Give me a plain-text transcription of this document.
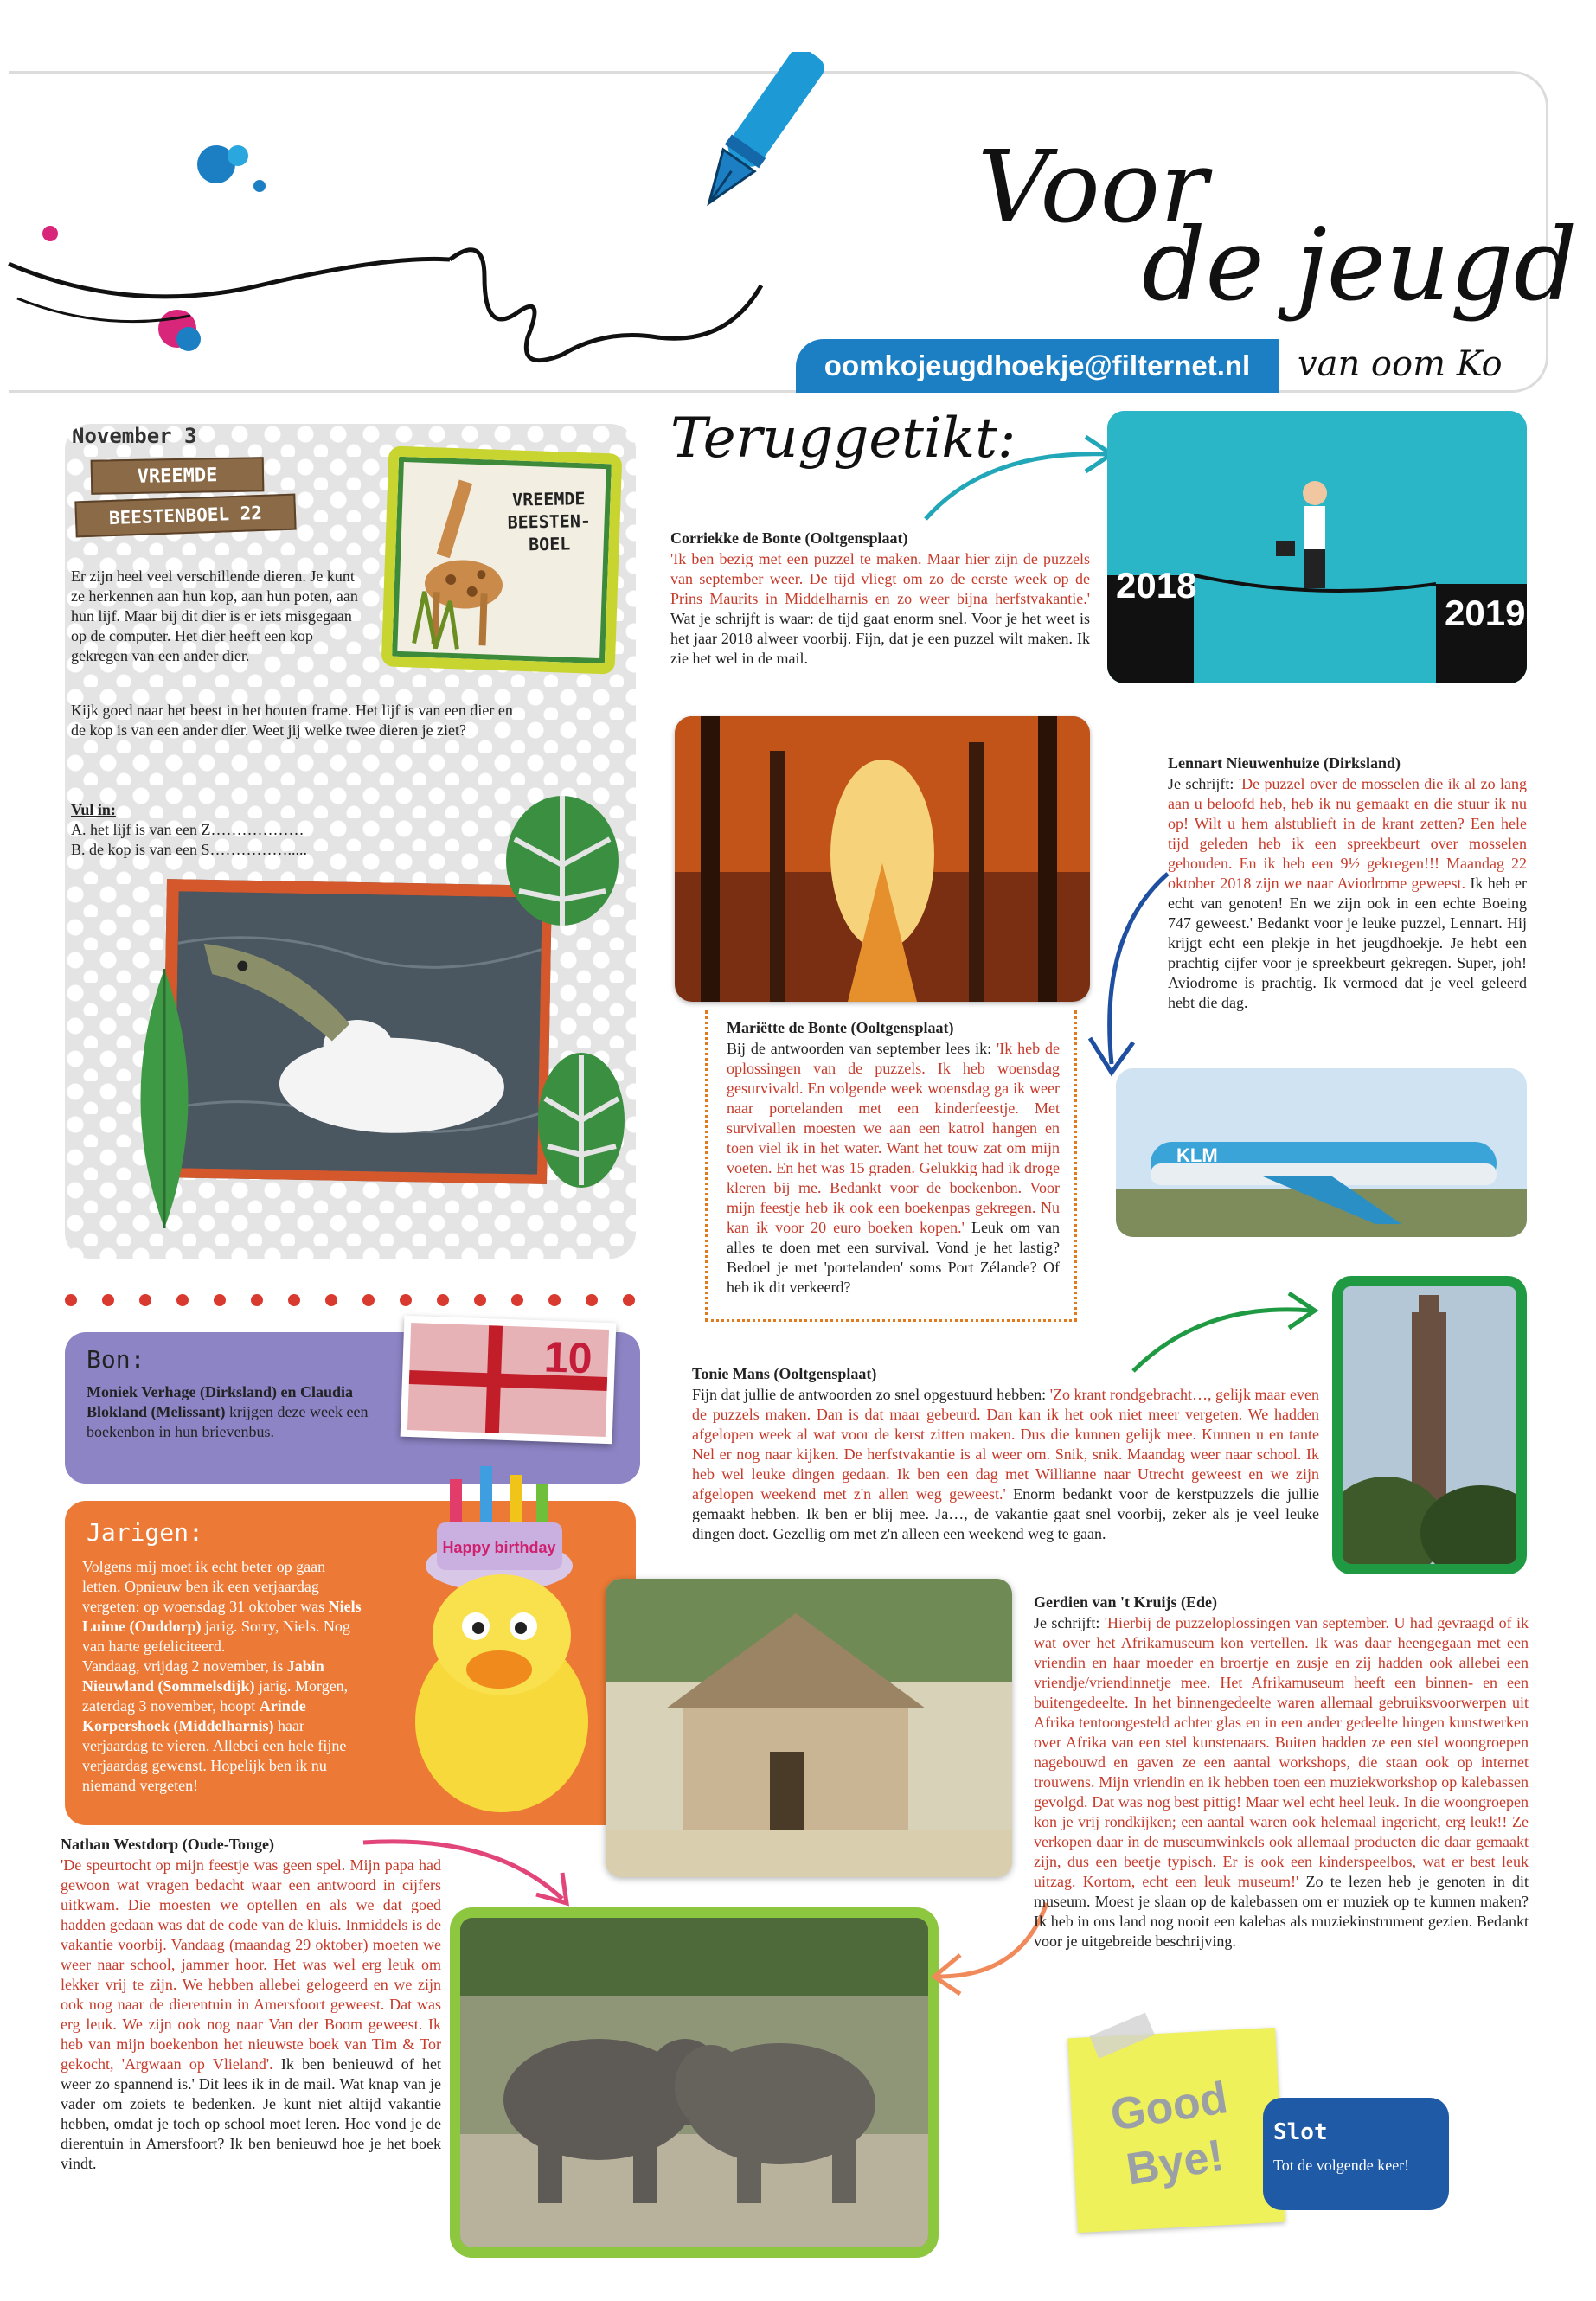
Voor
de jeugd
oomkojeugdhoekje@filternet.nl	van oom Ko
November 3
VREEMDE
BEESTENBOEL 22
VREEMDE
BEESTEN-
BOEL
Er zijn heel veel verschillende dieren. Je kunt ze herkennen aan hun kop, aan hun poten, aan hun lijf. Maar bij dit dier is er iets misgegaan op de computer. Het dier heeft een kop gekregen van een ander dier.
Kijk goed naar het beest in het houten frame. Het lijf is van een dier en de kop is van een ander dier. Weet jij welke twee dieren je ziet?
Vul in:
A. het lijf is van een Z………………
B. de kop is van een S…………….....
Bon:
Moniek Verhage (Dirksland) en Claudia Blokland (Melissant) krijgen deze week een boekenbon in hun brievenbus.
10
Jarigen:
Volgens mij moet ik echt beter op gaan letten. Opnieuw ben ik een verjaardag vergeten: op woensdag 31 oktober was Niels Luime (Ouddorp) jarig. Sorry, Niels. Nog van harte gefeliciteerd.
Vandaag, vrijdag 2 november, is Jabin Nieuwland (Sommelsdijk) jarig. Morgen, zaterdag 3 november, hoopt Arinde Korpershoek (Middelharnis) haar verjaardag te vieren. Allebei een hele fijne verjaardag gewenst. Hopelijk ben ik nu niemand vergeten!
Happy birthday
Nathan Westdorp (Oude-Tonge)
'De speurtocht op mijn feestje was geen spel. Mijn papa had gewoon wat vragen bedacht waar een antwoord in cijfers uitkwam. Die moesten we optellen en als we dat goed hadden gedaan was dat de code van de kluis. Inmiddels is de vakantie voorbij. Vandaag (maandag 29 oktober) moeten we weer naar school, jammer hoor. Het was wel erg leuk om lekker vrij te zijn. We hebben allebei gelogeerd en we zijn ook nog naar de dierentuin in Amersfoort geweest. Dat was erg leuk. We zijn ook nog naar Van der Boom geweest. Ik heb van mijn boekenbon het nieuwste boek van Tim & Tor gekocht, 'Argwaan op Vlieland'. Ik ben benieuwd of het weer zo spannend is.' Dit lees ik in de mail. Wat knap van je vader om zoiets te bedenken. Je kunt niet altijd vakantie hebben, omdat je toch op school moet leren. Hoe vond je de dierentuin in Amersfoort? Ik ben benieuwd hoe je het boek vindt.
Teruggetikt:
Corriekke de Bonte (Ooltgensplaat)
'Ik ben bezig met een puzzel te maken. Maar hier zijn de puzzels van september weer. De tijd vliegt om zo de eerste week op de Prins Maurits in Middelharnis en zo weer bijna herfstvakantie.' Wat je schrijft is waar: de tijd gaat enorm snel. Voor je het weet is het jaar 2018 alweer voorbij. Fijn, dat je een puzzel wilt maken. Ik zie het wel in de mail.
2018
2019
Lennart Nieuwenhuize (Dirksland)
Je schrijft: 'De puzzel over de mosselen die ik al zo lang aan u beloofd heb, heb ik nu gemaakt en die stuur ik nu op! Wilt u hem alstublieft in de krant zetten? Een hele tijd geleden heb ik een spreekbeurt over mosselen gehouden. En ik heb een 9½ gekregen!!! Maandag 22 oktober 2018 zijn we naar Aviodrome geweest. Ik heb er echt van genoten! En we zijn ook in een echte Boeing 747 geweest.' Bedankt voor je leuke puzzel, Lennart. Hij krijgt echt een plekje in het jeugdhoekje. Je hebt een prachtig cijfer voor je spreekbeurt gekregen. Super, joh! Aviodrome is prachtig. Ik vermoed dat je veel geleerd hebt die dag.
Mariëtte de Bonte (Ooltgensplaat)
Bij de antwoorden van september lees ik: 'Ik heb de oplossingen van de puzzels. Ik heb woensdag gesurvivald. En volgende week woensdag ga ik weer naar portelanden met een kinderfeestje. Met survivallen moesten we aan een katrol hangen en toen viel ik in het water. Want het touw zat om mijn voeten. En het was 15 graden. Gelukkig had ik droge kleren bij me. Bedankt voor de boekenbon. Voor mijn feestje heb ik ook een boekenpas gekregen. Nu kan ik voor 20 euro boeken kopen.' Leuk om van alles te doen met een survival. Vond je het lastig? Bedoel je met 'portelanden' soms Port Zélande? Of heb ik dit verkeerd?
KLM
Tonie Mans (Ooltgensplaat)
Fijn dat jullie de antwoorden zo snel opgestuurd hebben: 'Zo krant rondgebracht…, gelijk maar even de puzzels maken. Dan is dat maar gebeurd. Dan kan ik het ook niet meer vergeten. We hadden afgelopen week al wat voor de kerst zitten maken. Dus die kunnen gelijk mee. Kunnen u en tante Nel er nog naar kijken. De herfstvakantie is al weer om. Snik, snik. Maandag weer naar school. Ik heb wel leuke dingen gedaan. Ik ben een dag met Willianne naar Utrecht geweest en we zijn afgelopen weekend met z'n allen weg geweest.' Enorm bedankt voor de kerstpuzzels die jullie gemaakt hebben. Ik ben er blij mee. Ja…, de vakantie gaat snel voorbij, zeker als je veel leuke dingen doet. Gezellig om met z'n alleen een weekend weg te gaan.
Gerdien van 't Kruijs (Ede)
Je schrijft: 'Hierbij de puzzeloplossingen van september. U had gevraagd of ik wat over het Afrikamuseum kon vertellen. Ik was daar heengegaan met een vriendin en haar moeder en broertje en zusje en zij hadden ook allebei een vriendje/vriendinnetje mee. Het Afrikamuseum heeft een binnen- en een buitengedeelte. In het binnengedeelte waren allemaal gebruiksvoorwerpen uit Afrika tentoongesteld achter glas en in een ander gedeelte hingen kunstwerken over Afrika van een stel kunstenaars. Buiten hadden ze een stel woongroepen nagebouwd en gaven ze een aantal workshops, die staan ook op internet trouwens. Mijn vriendin en ik hebben toen een muziekworkshop op kalebassen gevolgd. Dat was nog best pittig! Maar wel echt heel leuk. In die woongroepen kon je vrij rondkijken; een aantal waren ook helemaal ingericht, erg leuk!! Ze verkopen daar in de museumwinkels ook allemaal producten die daar gemaakt zijn, dus een beetje typisch. Er is ook een kinderspeelbos, wat er best leuk uitzag. Kortom, echt een leuk museum!' Zo te lezen heb je genoten in dit museum. Moest je slaan op de kalebassen om er muziek op te kunnen maken? Ik heb in ons land nog nooit een kalebas als muziekinstrument gezien. Bedankt voor je uitgebreide beschrijving.
Good
Bye! Slot
Tot de volgende keer!
